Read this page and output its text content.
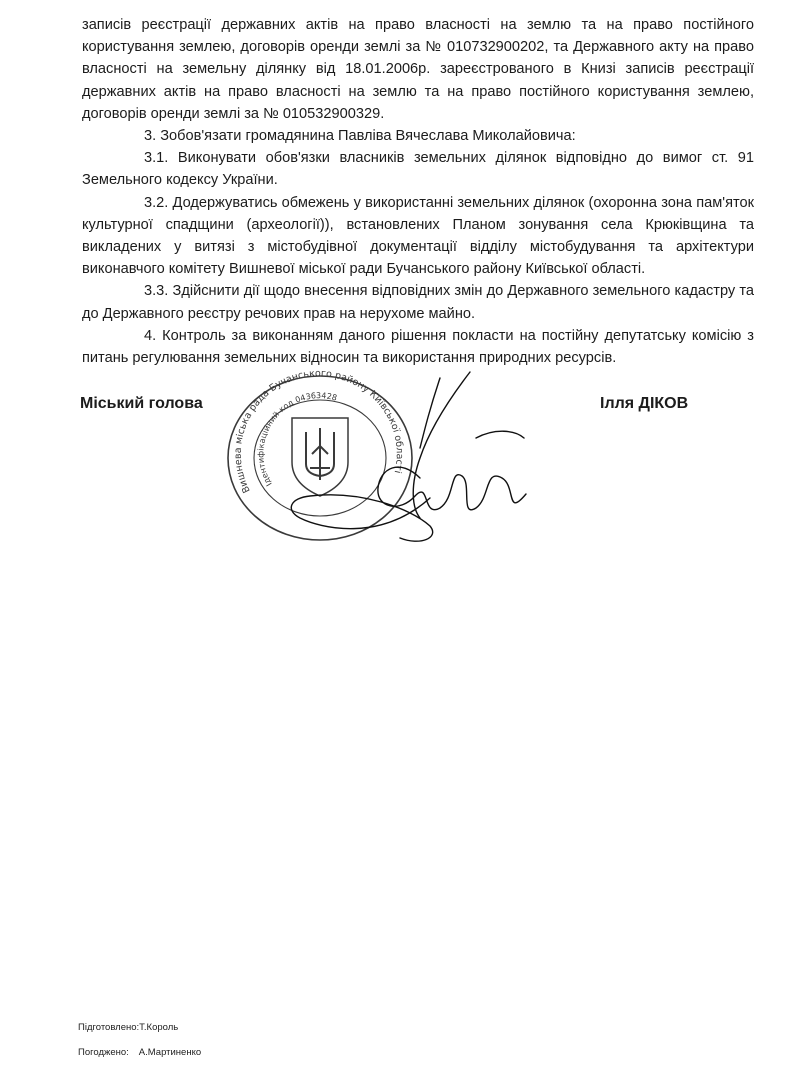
записів реєстрації державних актів на право власності на землю та на право постійного користування землею, договорів оренди землі за № 010732900202, та Державного акту на право власності на земельну ділянку від 18.01.2006р. зареєстрованого в Книзі записів реєстрації державних актів на право власності на землю та на право постійного користування землею, договорів оренди землі за № 010532900329.

3. Зобов'язати громадянина Павліва Вячеслава Миколайовича:

3.1. Виконувати обов'язки власників земельних ділянок відповідно до вимог ст. 91 Земельного кодексу України.

3.2. Додержуватись обмежень у використанні земельних ділянок (охоронна зона пам'яток культурної спадщини (археології)), встановлених Планом зонування села Крюківщина та викладених у витязі з містобудівної документації відділу містобудування та архітектури виконавчого комітету Вишневої міської ради Бучанського району Київської області.

3.3. Здійснити дії щодо внесення відповідних змін до Державного земельного кадастру та до Державного реєстру речових прав на нерухоме майно.

4. Контроль за виконанням даного рішення покласти на постійну депутатську комісію з питань регулювання земельних відносин та використання природних ресурсів.

Вишнева міська рада Бучанського району Київської області
Ідентифікаційний код 04363428
Міський голова	Ілля ДІКОВ
Підготовлено:Т.Король
Погоджено: А.Мартиненко
